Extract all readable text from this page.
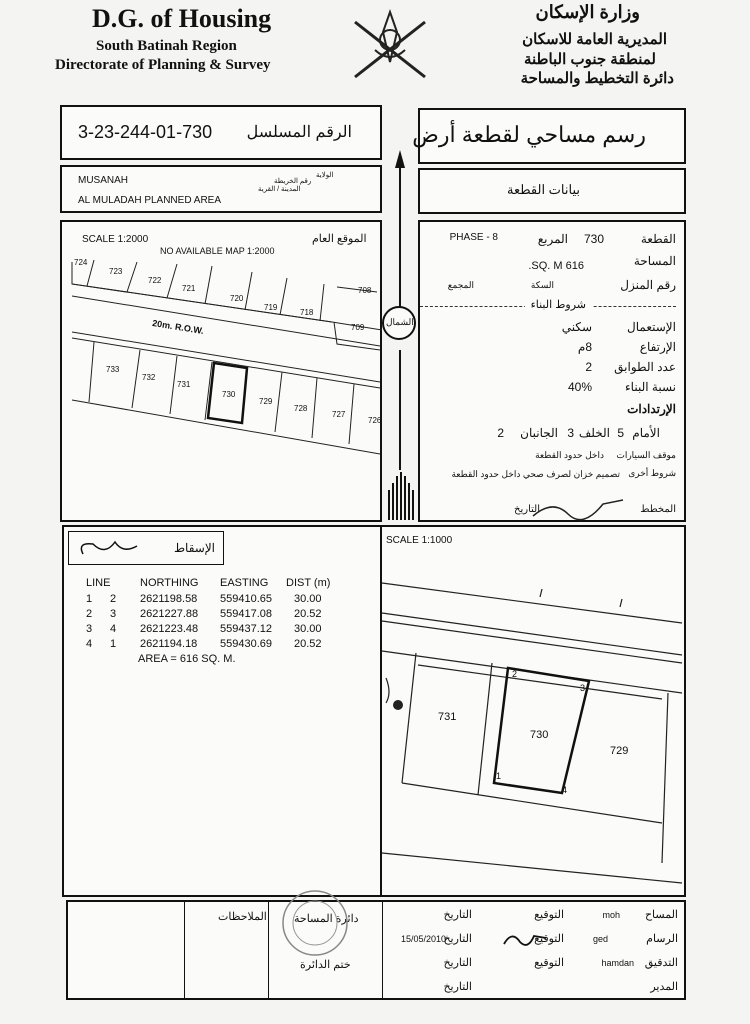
D.G. of Housing
South Batinah Region
Directorate of Planning & Survey
وزارة الإسكان
المديرية العامة للاسكان
لمنطقة جنوب الباطنة
دائرة التخطيط والمساحة
3-23-244-01-730 الرقم المسلسل
MUSANAH
AL MULADAH PLANNED AREA
رقم الخريطة
الولاية
المدينة / القرية
SCALE 1:2000	الموقع العام
NO AVAILABLE MAP 1:2000
20m. R.O.W.
724
723
722
721
720
719
718
708
709
733
732
731
730
729
728
727
726
الشمال
رسم مساحي لقطعة أرض
بيانات القطعة
القطعة
730
المربع
PHASE - 8
المساحة
616 SQ. M.
رقم المنزل
السكة
المجمع
شروط البناء
الإستعمال
سكني
الإرتفاع
8م
عدد الطوابق
2
نسبة البناء
40%
الإرتدادات
الأمام
5
الخلف
3
الجانبان
2
موقف السيارات
داخل حدود القطعة
شروط أخرى
تصميم خزان لصرف صحي داخل حدود القطعة
المخطط
التاريخ
SCALE 1:1000
الإسقاط
LINE	NORTHING EASTING DIST (m)
1 2 2621198.58 559410.65 30.00
2 3 2621227.88 559417.08 20.52
3 4 2621223.48 559437.12 30.00
4 1 2621194.18 559430.69 20.52
AREA = 616 SQ. M.
731
730
729
1
2
3
4
الملاحظات دائرة المساحة
ختم الدائرة
المساح
moh
التوقيع
التاريخ
الرسام
ged
التوقيع
التاريخ
15/05/2010
التدقيق
hamdan
التوقيع
التاريخ
المدير
التاريخ
